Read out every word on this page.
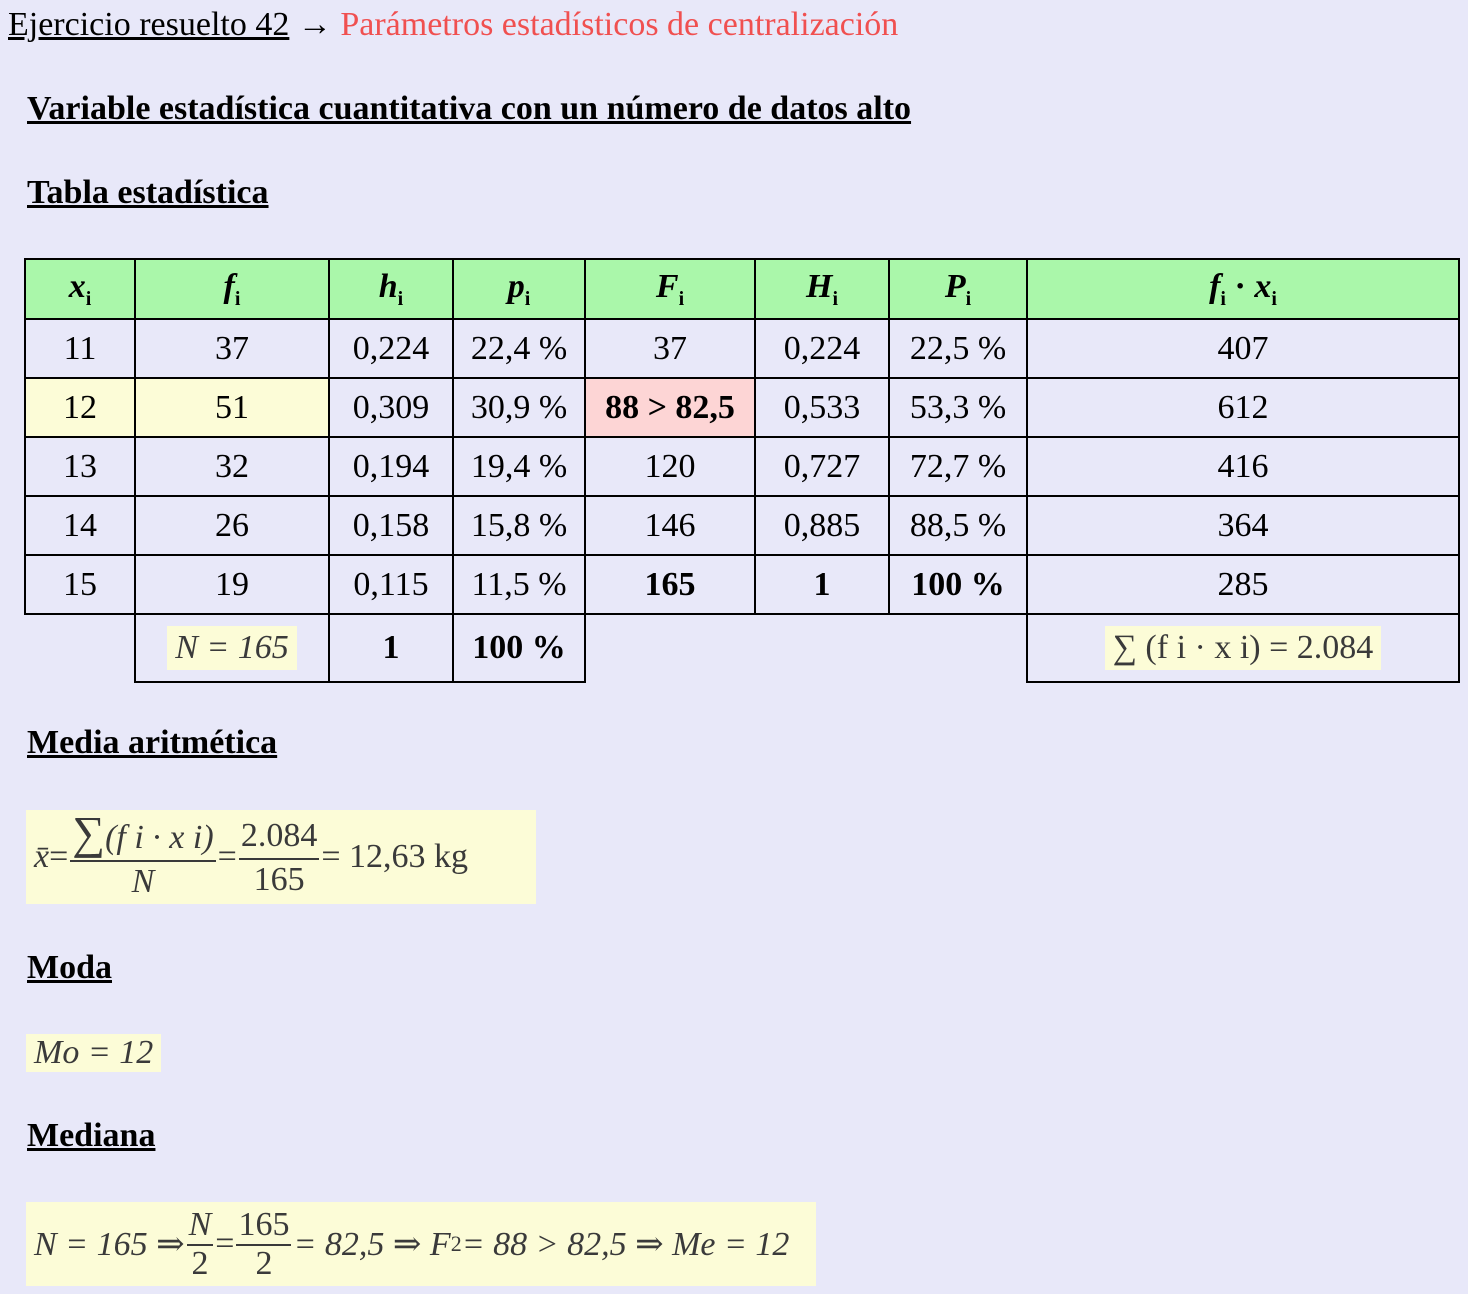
Ejercicio resuelto 42 → Parámetros estadísticos de centralización
Variable estadística cuantitativa con un número de datos alto
Tabla estadística
$x_i$	$f_i$	$h_i$	$p_i$	$F_i$	$H_i$	$P_i$	$f_i \cdot x_i$
11	37	0,224	22,4 %	37	0,224	22,5 %	407
12	51	0,309	30,9 %	88 > 82,5	0,533	53,3 %	612
13	32	0,194	19,4 %	120	0,727	72,7 %	416
14	26	0,158	15,8 %	146	0,885	88,5 %	364
15	19	0,115	11,5 %	165	1	100 %	285
	N = 165	1	100 %				∑ (f i · x i) = 2.084
Media aritmética
x̄ = $\frac{\text{∑(f i · x i)}}{N} = \frac{2.084}{165} = 12,63$ kg
Moda
Mo = 12
Mediana
N = 165 ⇒ $\frac{N}{2} = \frac{165}{2} = 82,5$ ⇒ F 2 = 88 > 82,5 ⇒ Me = 12
